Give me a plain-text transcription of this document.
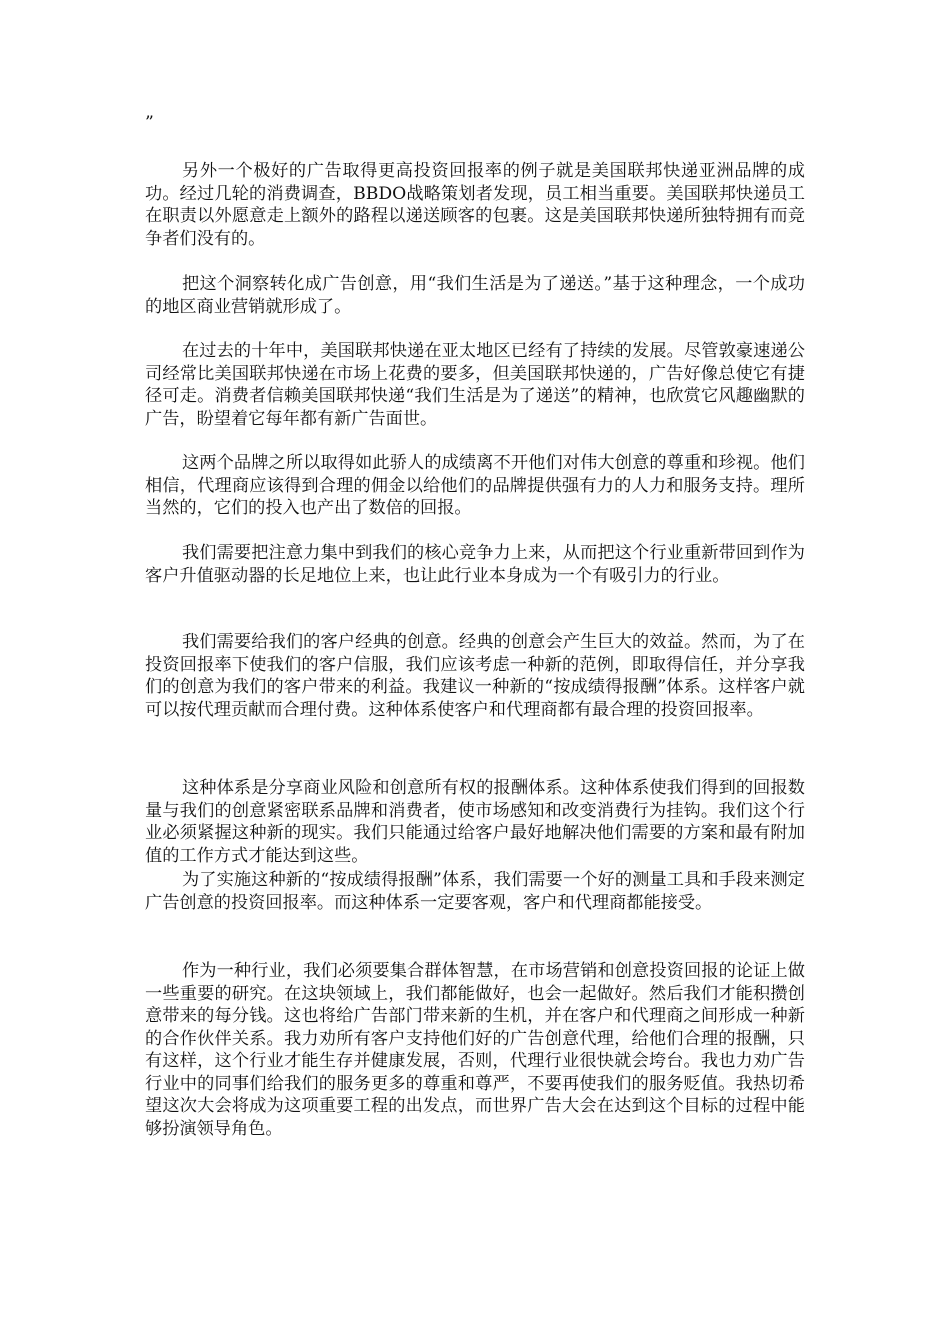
”

另外一个极好的广告取得更高投资回报率的例子就是美国联邦快递亚洲品牌的成功。经过几轮的消费调查，BBDO战略策划者发现，员工相当重要。美国联邦快递员工在职责以外愿意走上额外的路程以递送顾客的包裹。这是美国联邦快递所独特拥有而竞争者们没有的。

把这个洞察转化成广告创意，用“我们生活是为了递送。”基于这种理念，一个成功的地区商业营销就形成了。

在过去的十年中，美国联邦快递在亚太地区已经有了持续的发展。尽管敦豪速递公司经常比美国联邦快递在市场上花费的要多，但美国联邦快递的，广告好像总使它有捷径可走。消费者信赖美国联邦快递“我们生活是为了递送”的精神，也欣赏它风趣幽默的广告，盼望着它每年都有新广告面世。

这两个品牌之所以取得如此骄人的成绩离不开他们对伟大创意的尊重和珍视。他们相信，代理商应该得到合理的佣金以给他们的品牌提供强有力的人力和服务支持。理所当然的，它们的投入也产出了数倍的回报。

我们需要把注意力集中到我们的核心竞争力上来，从而把这个行业重新带回到作为客户升值驱动器的长足地位上来，也让此行业本身成为一个有吸引力的行业。

我们需要给我们的客户经典的创意。经典的创意会产生巨大的效益。然而，为了在投资回报率下使我们的客户信服，我们应该考虑一种新的范例，即取得信任，并分享我们的创意为我们的客户带来的利益。我建议一种新的“按成绩得报酬”体系。这样客户就可以按代理贡献而合理付费。这种体系使客户和代理商都有最合理的投资回报率。

这种体系是分享商业风险和创意所有权的报酬体系。这种体系使我们得到的回报数量与我们的创意紧密联系品牌和消费者，使市场感知和改变消费行为挂钩。我们这个行业必须紧握这种新的现实。我们只能通过给客户最好地解决他们需要的方案和最有附加值的工作方式才能达到这些。

为了实施这种新的“按成绩得报酬”体系，我们需要一个好的测量工具和手段来测定广告创意的投资回报率。而这种体系一定要客观，客户和代理商都能接受。

作为一种行业，我们必须要集合群体智慧，在市场营销和创意投资回报的论证上做一些重要的研究。在这块领域上，我们都能做好，也会一起做好。然后我们才能积攒创意带来的每分钱。这也将给广告部门带来新的生机，并在客户和代理商之间形成一种新的合作伙伴关系。我力劝所有客户支持他们好的广告创意代理，给他们合理的报酬，只有这样，这个行业才能生存并健康发展，否则，代理行业很快就会垮台。我也力劝广告行业中的同事们给我们的服务更多的尊重和尊严，不要再使我们的服务贬值。我热切希望这次大会将成为这项重要工程的出发点，而世界广告大会在达到这个目标的过程中能够扮演领导角色。
